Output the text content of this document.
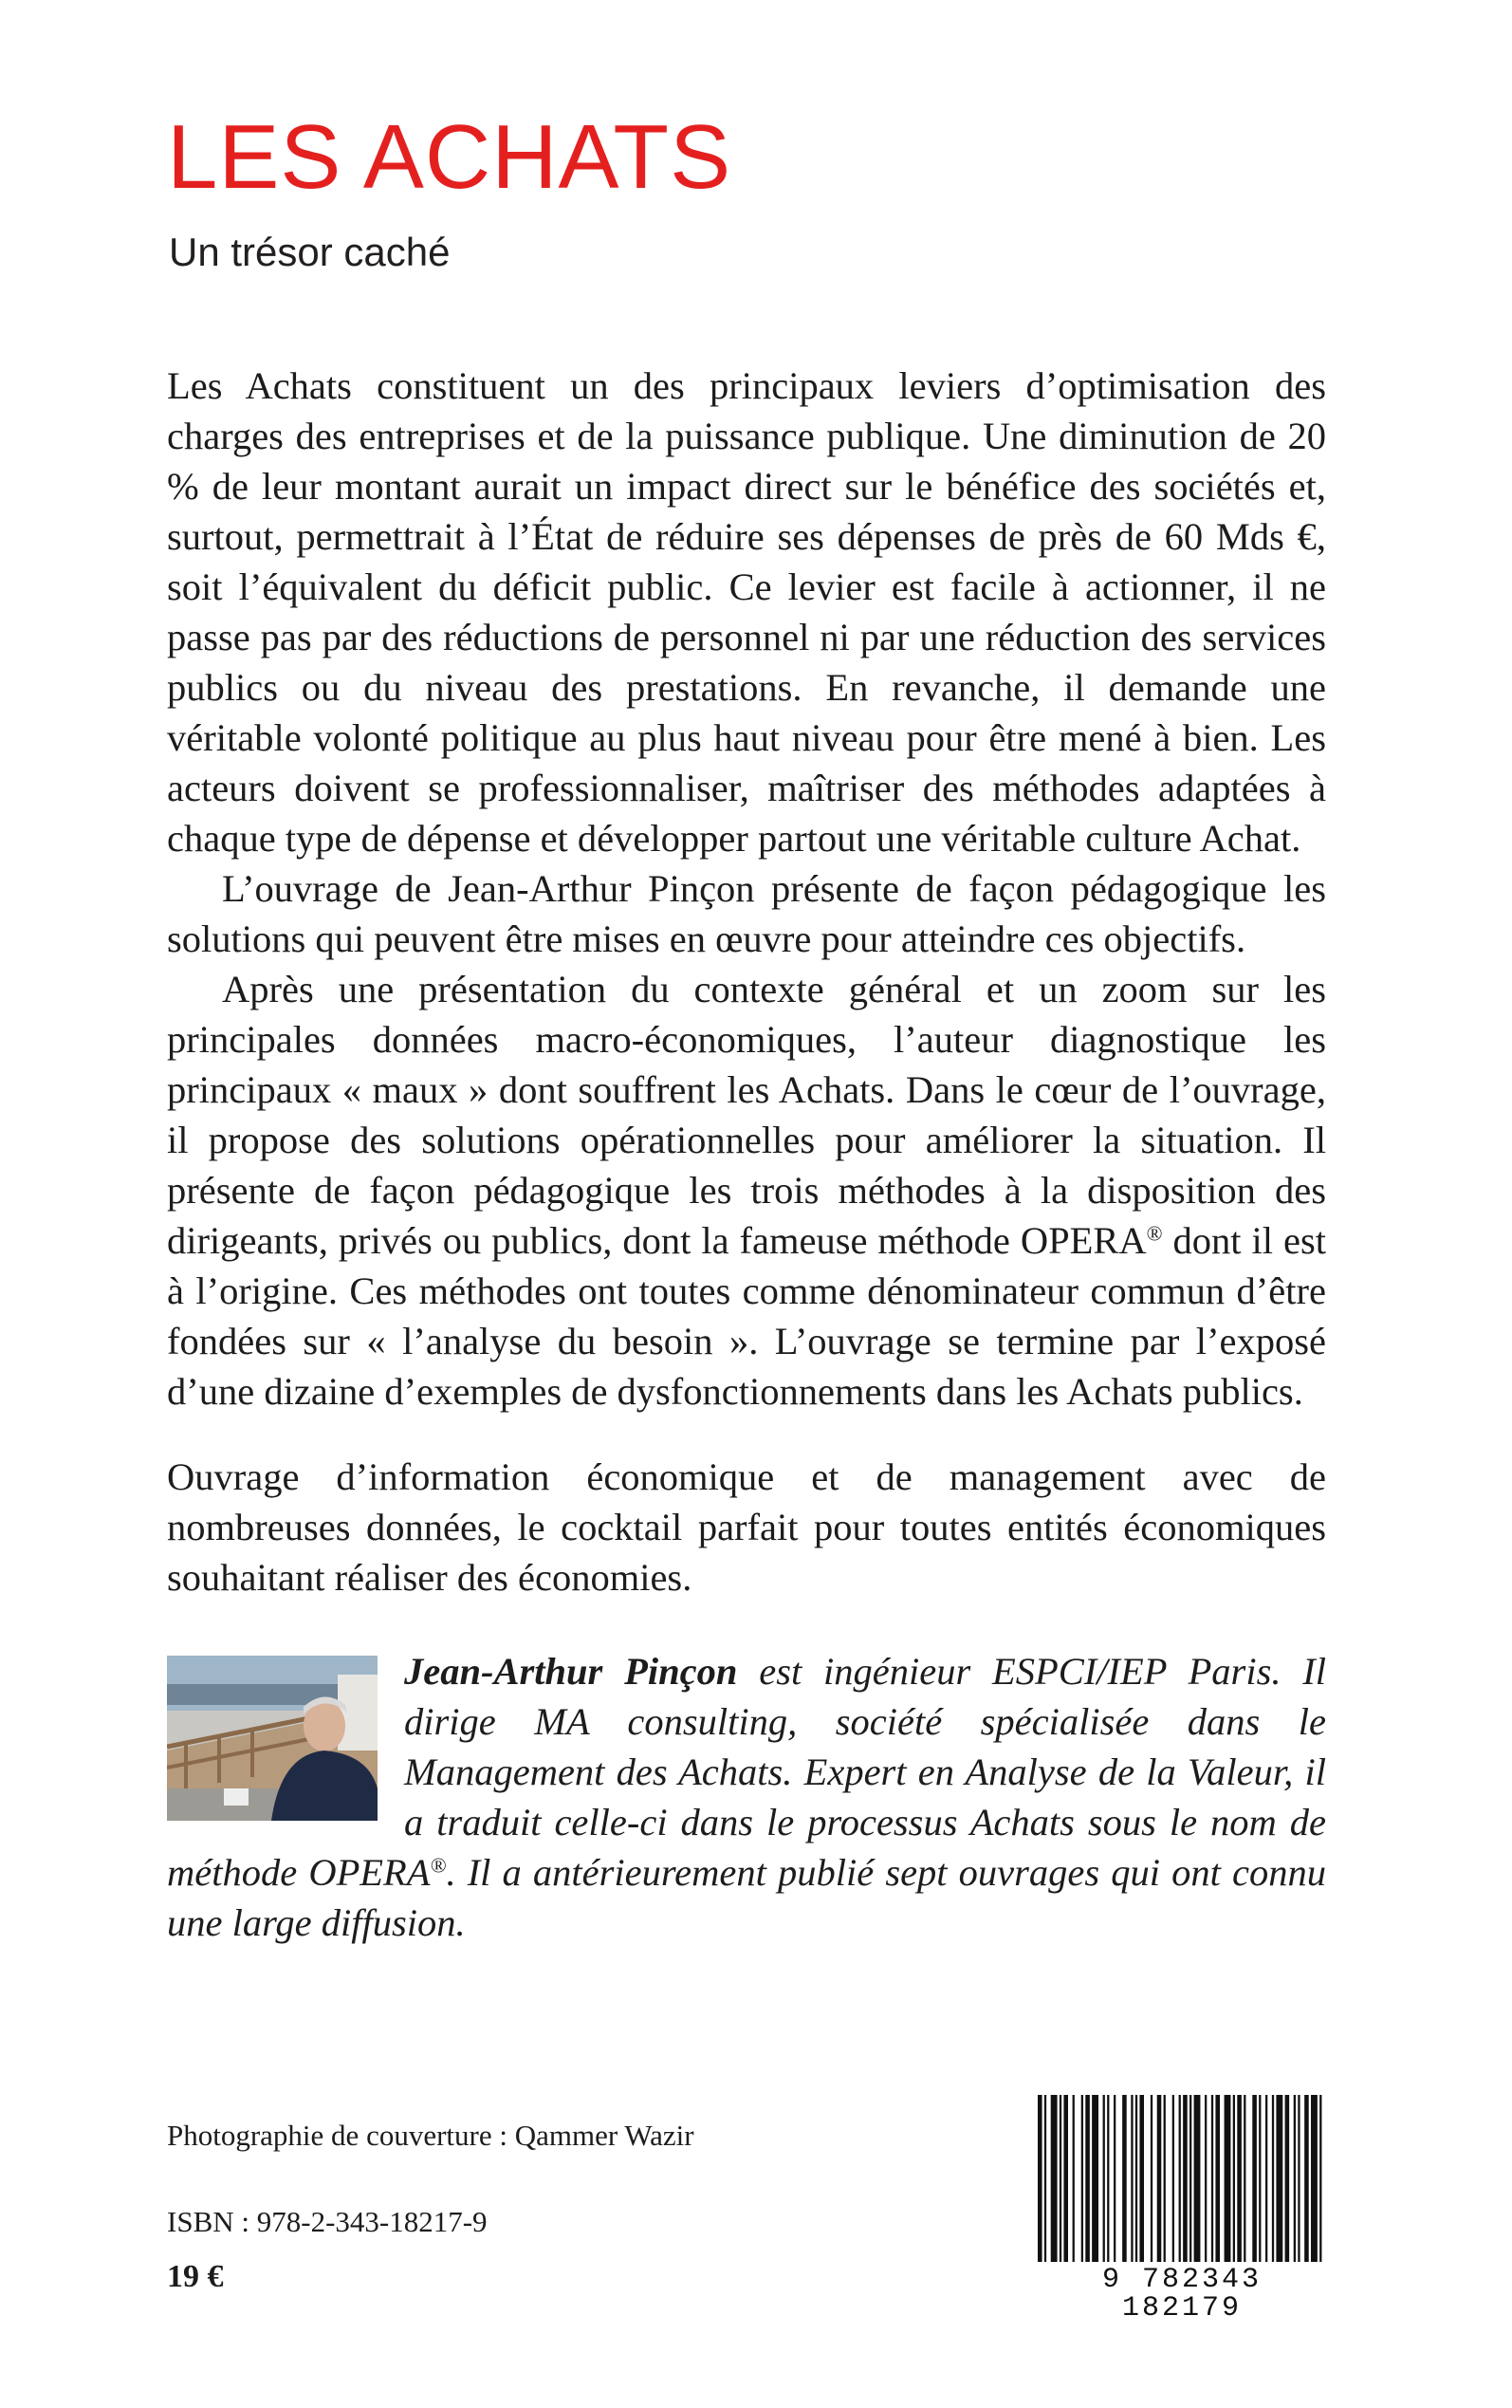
LES ACHATS
Un trésor caché

Les Achats constituent un des principaux leviers d’optimisation des charges des entreprises et de la puissance publique. Une diminution de 20 % de leur montant aurait un impact direct sur le bénéfice des sociétés et, surtout, permettrait à l’État de réduire ses dépenses de près de 60 Mds €, soit l’équivalent du déficit public. Ce levier est facile à actionner, il ne passe pas par des réductions de personnel ni par une réduction des services publics ou du niveau des prestations. En revanche, il demande une véritable volonté politique au plus haut niveau pour être mené à bien. Les acteurs doivent se professionnaliser, maîtriser des méthodes adaptées à chaque type de dépense et développer partout une véritable culture Achat.

L’ouvrage de Jean-Arthur Pinçon présente de façon pédagogique les solutions qui peuvent être mises en œuvre pour atteindre ces objectifs.

Après une présentation du contexte général et un zoom sur les principales données macro-économiques, l’auteur diagnostique les principaux « maux » dont souffrent les Achats. Dans le cœur de l’ouvrage, il propose des solutions opérationnelles pour améliorer la situation. Il présente de façon pédagogique les trois méthodes à la disposition des dirigeants, privés ou publics, dont la fameuse méthode OPERA® dont il est à l’origine. Ces méthodes ont toutes comme dénominateur commun d’être fondées sur « l’analyse du besoin ». L’ouvrage se termine par l’exposé d’une dizaine d’exemples de dysfonctionnements dans les Achats publics.

Ouvrage d’information économique et de management avec de nombreuses données, le cocktail parfait pour toutes entités économiques souhaitant réaliser des économies.

Jean-Arthur Pinçon est ingénieur ESPCI/IEP Paris. Il dirige MA consulting, société spécialisée dans le Management des Achats. Expert en Analyse de la Valeur, il a traduit celle-ci dans le processus Achats sous le nom de méthode OPERA®. Il a antérieurement publié sept ouvrages qui ont connu une large diffusion.

Photographie de couverture : Qammer Wazir

ISBN : 978-2-343-18217-9

19 €	9 782343 182179
